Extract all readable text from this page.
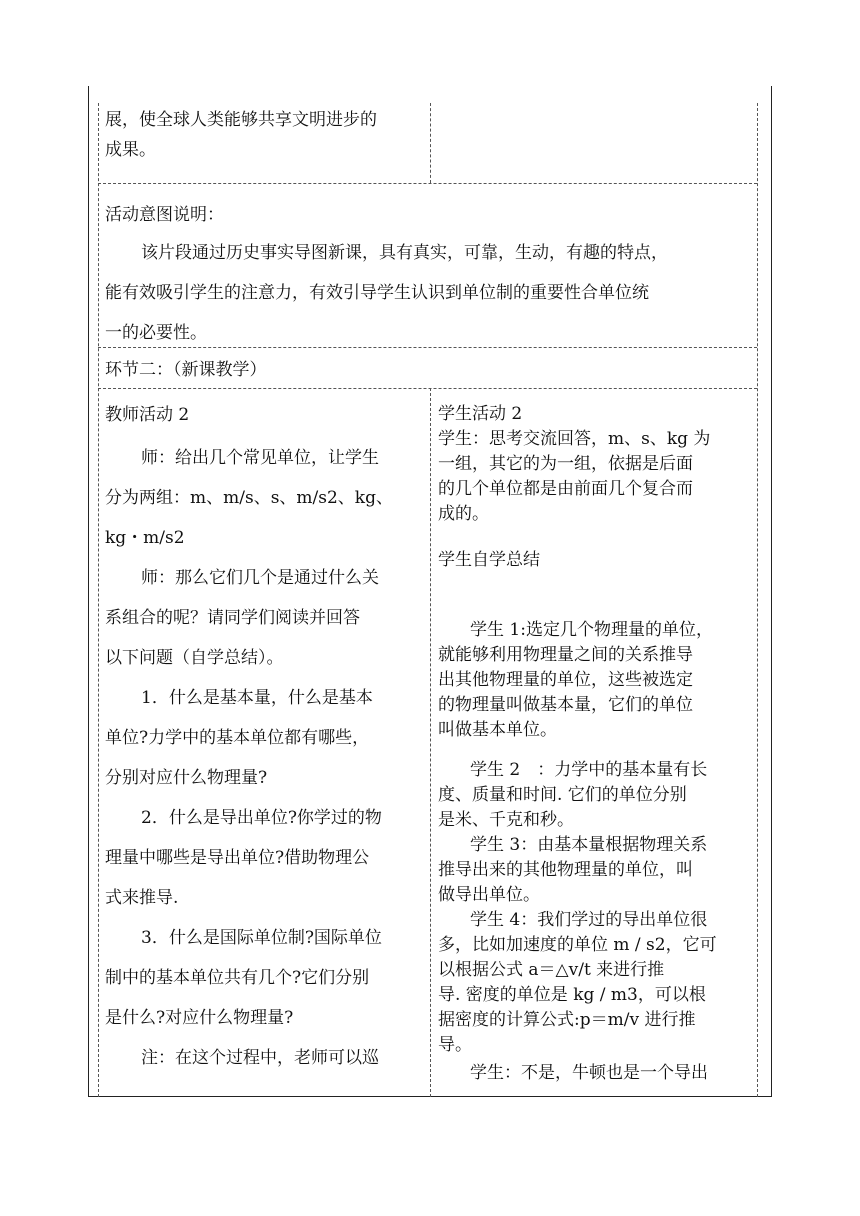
展，使全球人类能够共享文明进步的
成果。
活动意图说明：
该片段通过历史事实导图新课，具有真实，可靠，生动，有趣的特点，
能有效吸引学生的注意力，有效引导学生认识到单位制的重要性合单位统
一的必要性。
环节二：（新课教学）
教师活动 2
师：给出几个常见单位，让学生
分为两组：m、m/s、s、m/s2、kg、
kg・m/s2
师：那么它们几个是通过什么关
系组合的呢？请同学们阅读并回答
以下问题（自学总结）。
1．什么是基本量，什么是基本
单位?力学中的基本单位都有哪些，
分别对应什么物理量?
2．什么是导出单位?你学过的物
理量中哪些是导出单位?借助物理公
式来推导.
3．什么是国际单位制?国际单位
制中的基本单位共有几个?它们分别
是什么?对应什么物理量?
注：在这个过程中，老师可以巡
学生活动 2
学生：思考交流回答，m、s、kg 为
一组，其它的为一组，依据是后面
的几个单位都是由前面几个复合而
成的。
学生自学总结
学生 1:选定几个物理量的单位，
就能够利用物理量之间的关系推导
出其他物理量的单位，这些被选定
的物理量叫做基本量，它们的单位
叫做基本单位。
学生 2　：力学中的基本量有长
度、质量和时间. 它们的单位分别
是米、千克和秒。
学生 3：由基本量根据物理关系
推导出来的其他物理量的单位，叫
做导出单位。
学生 4：我们学过的导出单位很
多，比如加速度的单位 m / s2，它可
以根据公式 a＝△v/t 来进行推
导. 密度的单位是 kg / m3，可以根
据密度的计算公式:p＝m/v 进行推
导。
学生：不是，牛顿也是一个导出
